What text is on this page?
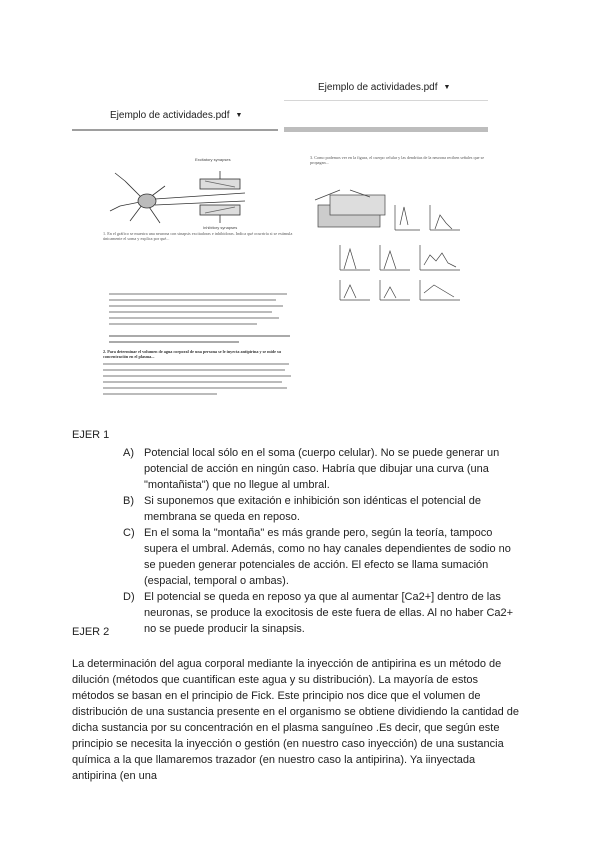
Ejemplo de actividades.pdf ▼
Ejemplo de actividades.pdf ▼
Excitatory synapses
Inhibitory synapses
1. En el gráfico se muestra una neurona con sinapsis excitadoras e inhibidoras. Indica qué ocurriría si se estimula únicamente el soma y explica por qué...
2. Para determinar el volumen de agua corporal de una persona se le inyecta antipirina y se mide su concentración en el plasma...
3. Como podemos ver en la figura, el cuerpo celular y las dendritas de la neurona reciben señales que se propagan...
EJER 1
A) Potencial local sólo en el soma (cuerpo celular). No se puede generar un potencial de acción en ningún caso. Habría que dibujar una curva (una "montañista") que no llegue al umbral.
B) Si suponemos que exitación e inhibición son idénticas el potencial de membrana se queda en reposo.
C) En el soma la "montaña" es más grande pero, según la teoría, tampoco supera el umbral. Además, como no hay canales dependientes de sodio no se pueden generar potenciales de acción. El efecto se llama sumación (espacial, temporal o ambas).
D) El potencial se queda en reposo ya que al aumentar [Ca2+] dentro de las neuronas, se produce la exocitosis de este fuera de ellas. Al no haber Ca2+ no se puede producir la sinapsis.
EJER 2
La determinación del agua corporal mediante la inyección de antipirina es un método de dilución (métodos que cuantifican este agua y su distribución). La mayoría de estos métodos se basan en el principio de Fick. Este principio nos dice que el volumen de distribución de una sustancia presente en el organismo se obtiene dividiendo la cantidad de dicha sustancia por su concentración en el plasma sanguíneo .Es decir, que según este principio se necesita la inyección o gestión (en nuestro caso inyección) de una sustancia química a la que llamaremos trazador (en nuestro caso la antipirina). Ya iinyectada antipirina (en una
